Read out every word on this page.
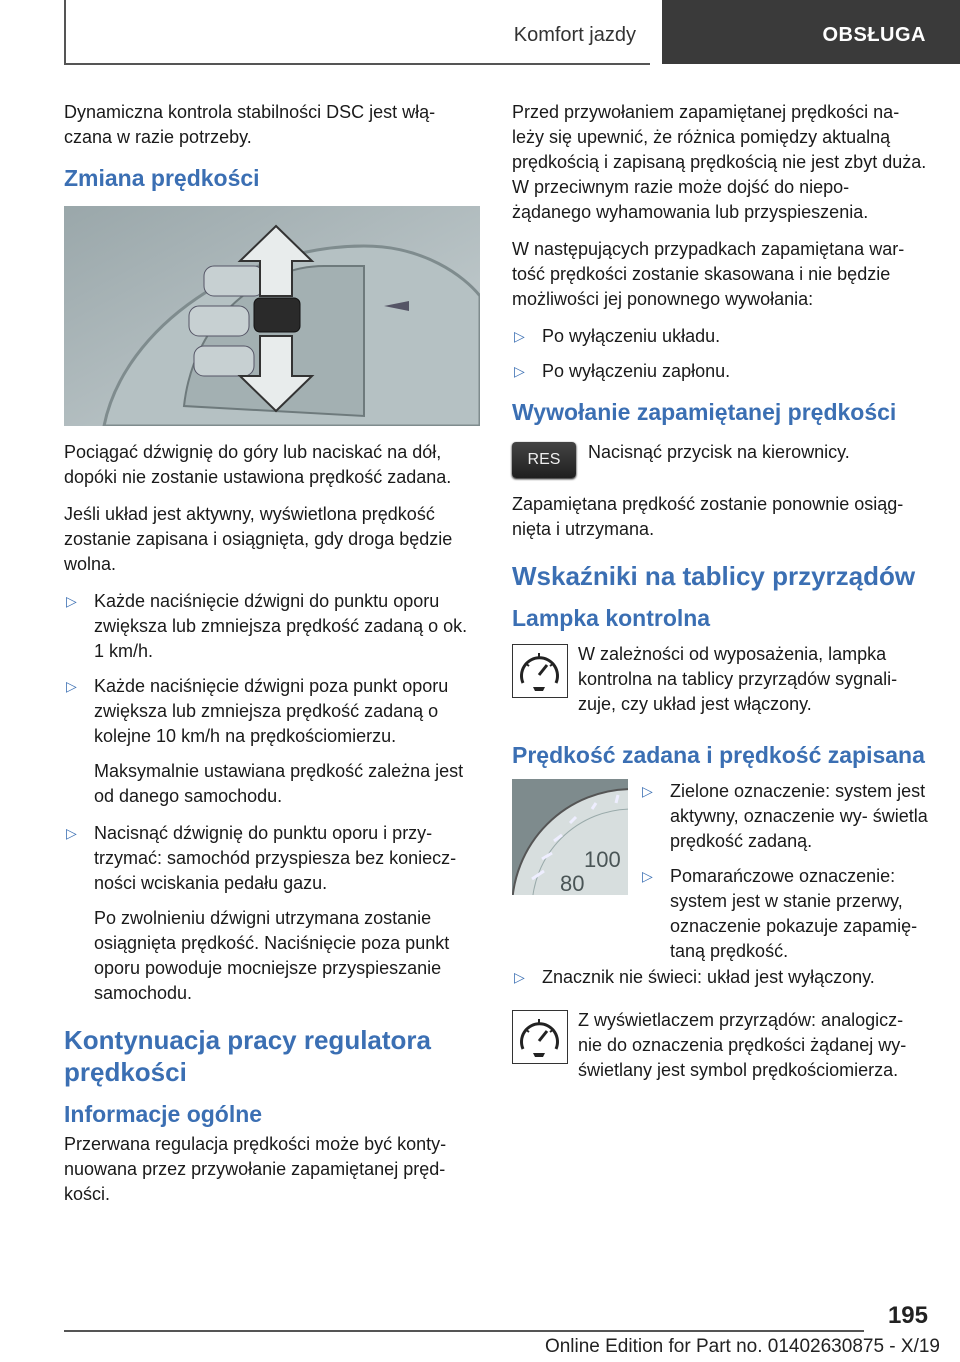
Komfort jazdy	OBSŁUGA

Dynamiczna kontrola stabilności DSC jest włą‐ czana w razie potrzeby.

Zmiana prędkości

Pociągać dźwignię do góry lub naciskać na dół, dopóki nie zostanie ustawiona prędkość zadana.

Jeśli układ jest aktywny, wyświetlona prędkość zostanie zapisana i osiągnięta, gdy droga będzie wolna.

▷ Każde naciśnięcie dźwigni do punktu oporu zwiększa lub zmniejsza prędkość zadaną o ok. 1 km/h.
▷ Każde naciśnięcie dźwigni poza punkt oporu zwiększa lub zmniejsza prędkość zadaną o kolejne 10 km/h na prędkościomierzu.
Maksymalnie ustawiana prędkość zależna jest od danego samochodu.
▷ Nacisnąć dźwignię do punktu oporu i przy‐ trzymać: samochód przyspiesza bez koniecz‐ ności wciskania pedału gazu.
Po zwolnieniu dźwigni utrzymana zostanie osiągnięta prędkość. Naciśnięcie poza punkt oporu powoduje mocniejsze przyspieszanie samochodu.
Kontynuacja pracy regulatora prędkości
Informacje ogólne

Przerwana regulacja prędkości może być konty‐ nuowana przez przywołanie zapamiętanej pręd‐ kości.

Przed przywołaniem zapamiętanej prędkości na‐ leży się upewnić, że różnica pomiędzy aktualną prędkością i zapisaną prędkością nie jest zbyt duża. W przeciwnym razie może dojść do niepo‐ żądanego wyhamowania lub przyspieszenia.

W następujących przypadkach zapamiętana war‐ tość prędkości zostanie skasowana i nie będzie możliwości jej ponownego wywołania:

▷ Po wyłączeniu układu.
▷ Po wyłączeniu zapłonu.
Wywołanie zapamiętanej prędkości
RES	Nacisnąć przycisk na kierownicy.

Zapamiętana prędkość zostanie ponownie osiąg‐ nięta i utrzymana.

Wskaźniki na tablicy przyrządów
Lampka kontrolna
W zależności od wyposażenia, lampka kontrolna na tablicy przyrządów sygnali‐ zuje, czy układ jest włączony.
Prędkość zadana i prędkość zapisana
100
80
▷ Zielone oznaczenie: system jest aktywny, oznaczenie wy‐ świetla prędkość zadaną.
▷ Pomarańczowe oznaczenie: system jest w stanie przerwy, oznaczenie pokazuje zapamię‐ taną prędkość.
▷ Znacznik nie świeci: układ jest wyłączony.
Z wyświetlaczem przyrządów: analogicz‐ nie do oznaczenia prędkości żądanej wy‐ świetlany jest symbol prędkościomierza.
195
Online Edition for Part no. 01402630875 - X/19
